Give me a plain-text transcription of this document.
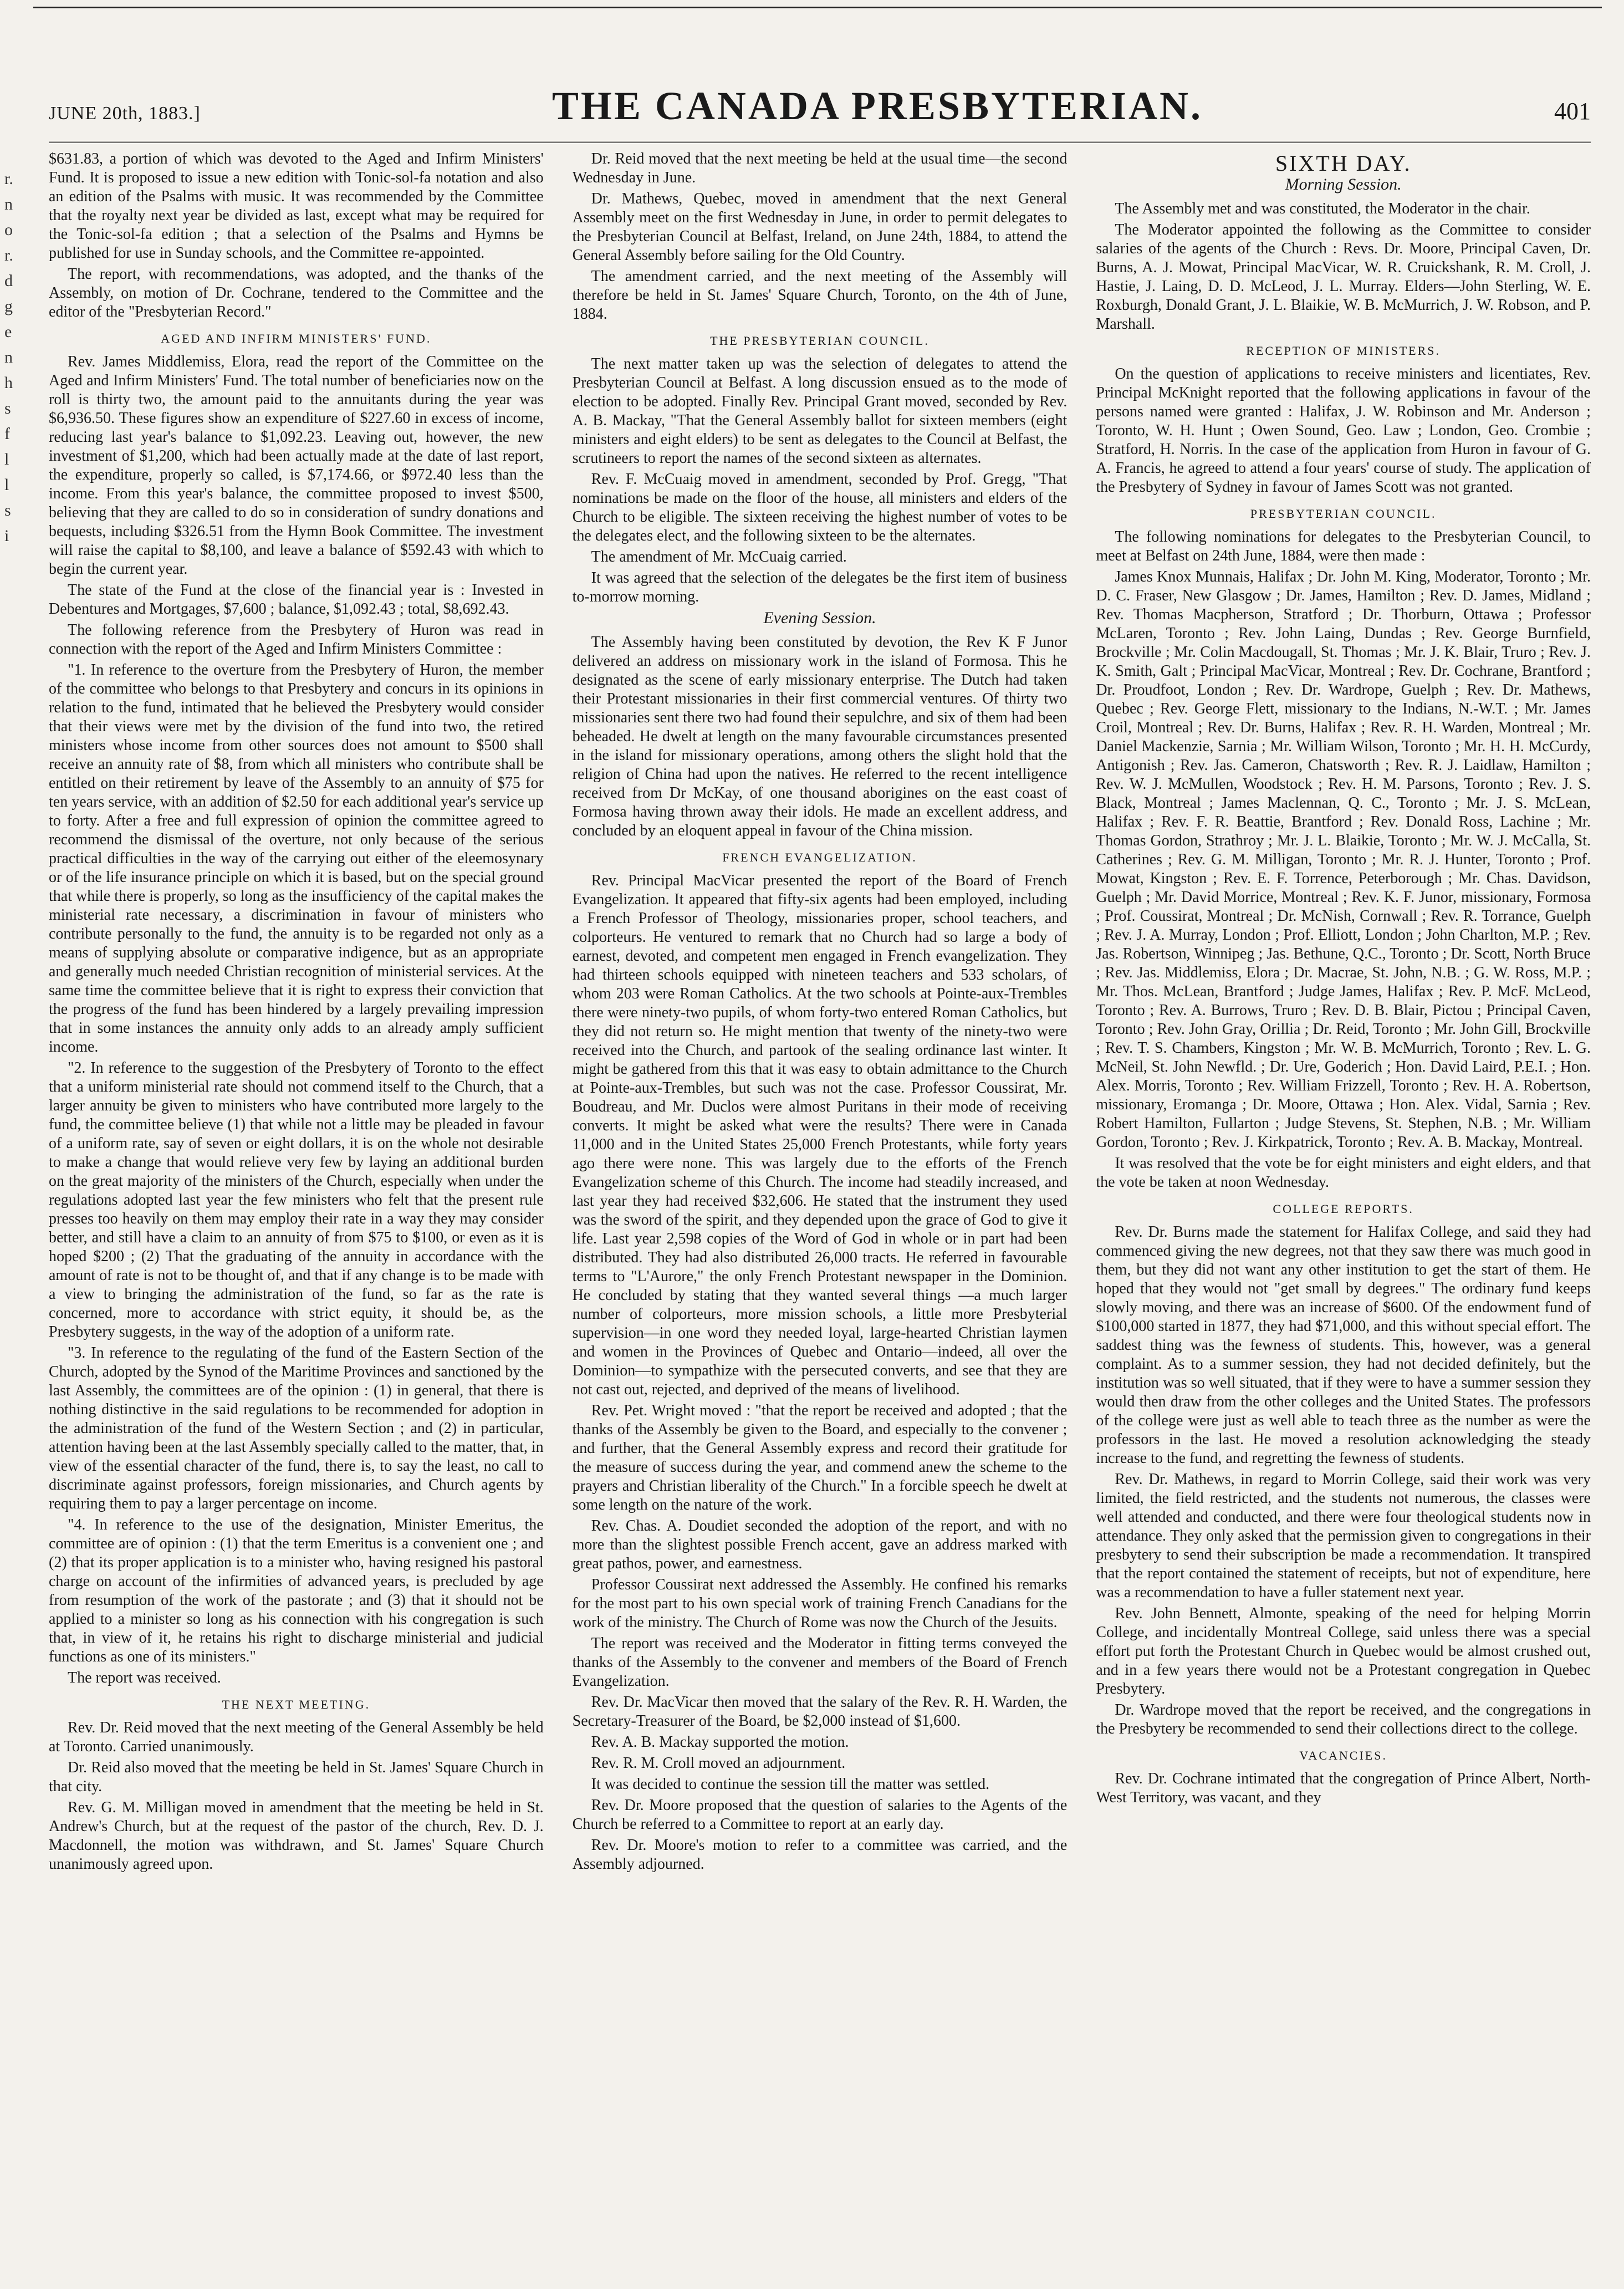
r.
n
o
r.
d
g
e
n
h
s
f
l
l
s
i
JUNE 20th, 1883.]	THE CANADA PRESBYTERIAN.	401

$631.83, a portion of which was devoted to the Aged and Infirm Ministers' Fund. It is proposed to issue a new edition with Tonic-sol-fa notation and also an edition of the Psalms with music. It was recommended by the Committee that the royalty next year be divided as last, except what may be required for the Tonic-sol-fa edition ; that a selection of the Psalms and Hymns be published for use in Sunday schools, and the Committee re-appointed.

The report, with recommendations, was adopted, and the thanks of the Assembly, on motion of Dr. Cochrane, tendered to the Committee and the editor of the "Presbyterian Record."

AGED AND INFIRM MINISTERS' FUND.

Rev. James Middlemiss, Elora, read the report of the Committee on the Aged and Infirm Ministers' Fund. The total number of beneficiaries now on the roll is thirty two, the amount paid to the annuitants during the year was $6,936.50. These figures show an expenditure of $227.60 in excess of income, reducing last year's balance to $1,092.23. Leaving out, however, the new investment of $1,200, which had been actually made at the date of last report, the expenditure, properly so called, is $7,174.66, or $972.40 less than the income. From this year's balance, the committee proposed to invest $500, believing that they are called to do so in consideration of sundry donations and bequests, including $326.51 from the Hymn Book Committee. The investment will raise the capital to $8,100, and leave a balance of $592.43 with which to begin the current year.

The state of the Fund at the close of the financial year is : Invested in Debentures and Mortgages, $7,600 ; balance, $1,092.43 ; total, $8,692.43.

The following reference from the Presbytery of Huron was read in connection with the report of the Aged and Infirm Ministers Committee :

"1. In reference to the overture from the Presbytery of Huron, the member of the committee who belongs to that Presbytery and concurs in its opinions in relation to the fund, intimated that he believed the Presbytery would consider that their views were met by the division of the fund into two, the retired ministers whose income from other sources does not amount to $500 shall receive an annuity rate of $8, from which all ministers who contribute shall be entitled on their retirement by leave of the Assembly to an annuity of $75 for ten years service, with an addition of $2.50 for each additional year's service up to forty. After a free and full expression of opinion the committee agreed to recommend the dismissal of the overture, not only because of the serious practical difficulties in the way of the carrying out either of the eleemosynary or of the life insurance principle on which it is based, but on the special ground that while there is properly, so long as the insufficiency of the capital makes the ministerial rate necessary, a discrimination in favour of ministers who contribute personally to the fund, the annuity is to be regarded not only as a means of supplying absolute or comparative indigence, but as an appropriate and generally much needed Christian recognition of ministerial services. At the same time the committee believe that it is right to express their conviction that the progress of the fund has been hindered by a largely prevailing impression that in some instances the annuity only adds to an already amply sufficient income.

"2. In reference to the suggestion of the Presbytery of Toronto to the effect that a uniform ministerial rate should not commend itself to the Church, that a larger annuity be given to ministers who have contributed more largely to the fund, the committee believe (1) that while not a little may be pleaded in favour of a uniform rate, say of seven or eight dollars, it is on the whole not desirable to make a change that would relieve very few by laying an additional burden on the great majority of the ministers of the Church, especially when under the regulations adopted last year the few ministers who felt that the present rule presses too heavily on them may employ their rate in a way they may consider better, and still have a claim to an annuity of from $75 to $100, or even as it is hoped $200 ; (2) That the graduating of the annuity in accordance with the amount of rate is not to be thought of, and that if any change is to be made with a view to bringing the administration of the fund, so far as the rate is concerned, more to accordance with strict equity, it should be, as the Presbytery suggests, in the way of the adoption of a uniform rate.

"3. In reference to the regulating of the fund of the Eastern Section of the Church, adopted by the Synod of the Maritime Provinces and sanctioned by the last Assembly, the committees are of the opinion : (1) in general, that there is nothing distinctive in the said regulations to be recommended for adoption in the administration of the fund of the Western Section ; and (2) in particular, attention having been at the last Assembly specially called to the matter, that, in view of the essential character of the fund, there is, to say the least, no call to discriminate against professors, foreign missionaries, and Church agents by requiring them to pay a larger percentage on income.

"4. In reference to the use of the designation, Minister Emeritus, the committee are of opinion : (1) that the term Emeritus is a convenient one ; and (2) that its proper application is to a minister who, having resigned his pastoral charge on account of the infirmities of advanced years, is precluded by age from resumption of the work of the pastorate ; and (3) that it should not be applied to a minister so long as his connection with his congregation is such that, in view of it, he retains his right to discharge ministerial and judicial functions as one of its ministers."

The report was received.

THE NEXT MEETING.

Rev. Dr. Reid moved that the next meeting of the General Assembly be held at Toronto. Carried unanimously.

Dr. Reid also moved that the meeting be held in St. James' Square Church in that city.

Rev. G. M. Milligan moved in amendment that the meeting be held in St. Andrew's Church, but at the request of the pastor of the church, Rev. D. J. Macdonnell, the motion was withdrawn, and St. James' Square Church unanimously agreed upon.

Dr. Reid moved that the next meeting be held at the usual time—the second Wednesday in June.

Dr. Mathews, Quebec, moved in amendment that the next General Assembly meet on the first Wednesday in June, in order to permit delegates to the Presbyterian Council at Belfast, Ireland, on June 24th, 1884, to attend the General Assembly before sailing for the Old Country.

The amendment carried, and the next meeting of the Assembly will therefore be held in St. James' Square Church, Toronto, on the 4th of June, 1884.

THE PRESBYTERIAN COUNCIL.

The next matter taken up was the selection of delegates to attend the Presbyterian Council at Belfast. A long discussion ensued as to the mode of election to be adopted. Finally Rev. Principal Grant moved, seconded by Rev. A. B. Mackay, "That the General Assembly ballot for sixteen members (eight ministers and eight elders) to be sent as delegates to the Council at Belfast, the scrutineers to report the names of the second sixteen as alternates.

Rev. F. McCuaig moved in amendment, seconded by Prof. Gregg, "That nominations be made on the floor of the house, all ministers and elders of the Church to be eligible. The sixteen receiving the highest number of votes to be the delegates elect, and the following sixteen to be the alternates.

The amendment of Mr. McCuaig carried.

It was agreed that the selection of the delegates be the first item of business to-morrow morning.

Evening Session.

The Assembly having been constituted by devotion, the Rev K F Junor delivered an address on missionary work in the island of Formosa. This he designated as the scene of early missionary enterprise. The Dutch had taken their Protestant missionaries in their first commercial ventures. Of thirty two missionaries sent there two had found their sepulchre, and six of them had been beheaded. He dwelt at length on the many favourable circumstances presented in the island for missionary operations, among others the slight hold that the religion of China had upon the natives. He referred to the recent intelligence received from Dr McKay, of one thousand aborigines on the east coast of Formosa having thrown away their idols. He made an excellent address, and concluded by an eloquent appeal in favour of the China mission.

FRENCH EVANGELIZATION.

Rev. Principal MacVicar presented the report of the Board of French Evangelization. It appeared that fifty-six agents had been employed, including a French Professor of Theology, missionaries proper, school teachers, and colporteurs. He ventured to remark that no Church had so large a body of earnest, devoted, and competent men engaged in French evangelization. They had thirteen schools equipped with nineteen teachers and 533 scholars, of whom 203 were Roman Catholics. At the two schools at Pointe-aux-Trembles there were ninety-two pupils, of whom forty-two entered Roman Catholics, but they did not return so. He might mention that twenty of the ninety-two were received into the Church, and partook of the sealing ordinance last winter. It might be gathered from this that it was easy to obtain admittance to the Church at Pointe-aux-Trembles, but such was not the case. Professor Coussirat, Mr. Boudreau, and Mr. Duclos were almost Puritans in their mode of receiving converts. It might be asked what were the results? There were in Canada 11,000 and in the United States 25,000 French Protestants, while forty years ago there were none. This was largely due to the efforts of the French Evangelization scheme of this Church. The income had steadily increased, and last year they had received $32,606. He stated that the instrument they used was the sword of the spirit, and they depended upon the grace of God to give it life. Last year 2,598 copies of the Word of God in whole or in part had been distributed. They had also distributed 26,000 tracts. He referred in favourable terms to "L'Aurore," the only French Protestant newspaper in the Dominion. He concluded by stating that they wanted several things —a much larger number of colporteurs, more mission schools, a little more Presbyterial supervision—in one word they needed loyal, large-hearted Christian laymen and women in the Provinces of Quebec and Ontario—indeed, all over the Dominion—to sympathize with the persecuted converts, and see that they are not cast out, rejected, and deprived of the means of livelihood.

Rev. Pet. Wright moved : "that the report be received and adopted ; that the thanks of the Assembly be given to the Board, and especially to the convener ; and further, that the General Assembly express and record their gratitude for the measure of success during the year, and commend anew the scheme to the prayers and Christian liberality of the Church." In a forcible speech he dwelt at some length on the nature of the work.

Rev. Chas. A. Doudiet seconded the adoption of the report, and with no more than the slightest possible French accent, gave an address marked with great pathos, power, and earnestness.

Professor Coussirat next addressed the Assembly. He confined his remarks for the most part to his own special work of training French Canadians for the work of the ministry. The Church of Rome was now the Church of the Jesuits.

The report was received and the Moderator in fitting terms conveyed the thanks of the Assembly to the convener and members of the Board of French Evangelization.

Rev. Dr. MacVicar then moved that the salary of the Rev. R. H. Warden, the Secretary-Treasurer of the Board, be $2,000 instead of $1,600.

Rev. A. B. Mackay supported the motion.

Rev. R. M. Croll moved an adjournment.

It was decided to continue the session till the matter was settled.

Rev. Dr. Moore proposed that the question of salaries to the Agents of the Church be referred to a Committee to report at an early day.

Rev. Dr. Moore's motion to refer to a committee was carried, and the Assembly adjourned.

SIXTH DAY.
Morning Session.

The Assembly met and was constituted, the Moderator in the chair.

The Moderator appointed the following as the Committee to consider salaries of the agents of the Church : Revs. Dr. Moore, Principal Caven, Dr. Burns, A. J. Mowat, Principal MacVicar, W. R. Cruickshank, R. M. Croll, J. Hastie, J. Laing, D. D. McLeod, J. L. Murray. Elders—John Sterling, W. E. Roxburgh, Donald Grant, J. L. Blaikie, W. B. McMurrich, J. W. Robson, and P. Marshall.

RECEPTION OF MINISTERS.

On the question of applications to receive ministers and licentiates, Rev. Principal McKnight reported that the following applications in favour of the persons named were granted : Halifax, J. W. Robinson and Mr. Anderson ; Toronto, W. H. Hunt ; Owen Sound, Geo. Law ; London, Geo. Crombie ; Stratford, H. Norris. In the case of the application from Huron in favour of G. A. Francis, he agreed to attend a four years' course of study. The application of the Presbytery of Sydney in favour of James Scott was not granted.

PRESBYTERIAN COUNCIL.

The following nominations for delegates to the Presbyterian Council, to meet at Belfast on 24th June, 1884, were then made :

James Knox Munnais, Halifax ; Dr. John M. King, Moderator, Toronto ; Mr. D. C. Fraser, New Glasgow ; Dr. James, Hamilton ; Rev. D. James, Midland ; Rev. Thomas Macpherson, Stratford ; Dr. Thorburn, Ottawa ; Professor McLaren, Toronto ; Rev. John Laing, Dundas ; Rev. George Burnfield, Brockville ; Mr. Colin Macdougall, St. Thomas ; Mr. J. K. Blair, Truro ; Rev. J. K. Smith, Galt ; Principal MacVicar, Montreal ; Rev. Dr. Cochrane, Brantford ; Dr. Proudfoot, London ; Rev. Dr. Wardrope, Guelph ; Rev. Dr. Mathews, Quebec ; Rev. George Flett, missionary to the Indians, N.-W.T. ; Mr. James Croil, Montreal ; Rev. Dr. Burns, Halifax ; Rev. R. H. Warden, Montreal ; Mr. Daniel Mackenzie, Sarnia ; Mr. William Wilson, Toronto ; Mr. H. H. McCurdy, Antigonish ; Rev. Jas. Cameron, Chatsworth ; Rev. R. J. Laidlaw, Hamilton ; Rev. W. J. McMullen, Woodstock ; Rev. H. M. Parsons, Toronto ; Rev. J. S. Black, Montreal ; James Maclennan, Q. C., Toronto ; Mr. J. S. McLean, Halifax ; Rev. F. R. Beattie, Brantford ; Rev. Donald Ross, Lachine ; Mr. Thomas Gordon, Strathroy ; Mr. J. L. Blaikie, Toronto ; Mr. W. J. McCalla, St. Catherines ; Rev. G. M. Milligan, Toronto ; Mr. R. J. Hunter, Toronto ; Prof. Mowat, Kingston ; Rev. E. F. Torrence, Peterborough ; Mr. Chas. Davidson, Guelph ; Mr. David Morrice, Montreal ; Rev. K. F. Junor, missionary, Formosa ; Prof. Coussirat, Montreal ; Dr. McNish, Cornwall ; Rev. R. Torrance, Guelph ; Rev. J. A. Murray, London ; Prof. Elliott, London ; John Charlton, M.P. ; Rev. Jas. Robertson, Winnipeg ; Jas. Bethune, Q.C., Toronto ; Dr. Scott, North Bruce ; Rev. Jas. Middlemiss, Elora ; Dr. Macrae, St. John, N.B. ; G. W. Ross, M.P. ; Mr. Thos. McLean, Brantford ; Judge James, Halifax ; Rev. P. McF. McLeod, Toronto ; Rev. A. Burrows, Truro ; Rev. D. B. Blair, Pictou ; Principal Caven, Toronto ; Rev. John Gray, Orillia ; Dr. Reid, Toronto ; Mr. John Gill, Brockville ; Rev. T. S. Chambers, Kingston ; Mr. W. B. McMurrich, Toronto ; Rev. L. G. McNeil, St. John Newfld. ; Dr. Ure, Goderich ; Hon. David Laird, P.E.I. ; Hon. Alex. Morris, Toronto ; Rev. William Frizzell, Toronto ; Rev. H. A. Robertson, missionary, Eromanga ; Dr. Moore, Ottawa ; Hon. Alex. Vidal, Sarnia ; Rev. Robert Hamilton, Fullarton ; Judge Stevens, St. Stephen, N.B. ; Mr. William Gordon, Toronto ; Rev. J. Kirkpatrick, Toronto ; Rev. A. B. Mackay, Montreal.

It was resolved that the vote be for eight ministers and eight elders, and that the vote be taken at noon Wednesday.

COLLEGE REPORTS.

Rev. Dr. Burns made the statement for Halifax College, and said they had commenced giving the new degrees, not that they saw there was much good in them, but they did not want any other institution to get the start of them. He hoped that they would not "get small by degrees." The ordinary fund keeps slowly moving, and there was an increase of $600. Of the endowment fund of $100,000 started in 1877, they had $71,000, and this without special effort. The saddest thing was the fewness of students. This, however, was a general complaint. As to a summer session, they had not decided definitely, but the institution was so well situated, that if they were to have a summer session they would then draw from the other colleges and the United States. The professors of the college were just as well able to teach three as the number as were the professors in the last. He moved a resolution acknowledging the steady increase to the fund, and regretting the fewness of students.

Rev. Dr. Mathews, in regard to Morrin College, said their work was very limited, the field restricted, and the students not numerous, the classes were well attended and conducted, and there were four theological students now in attendance. They only asked that the permission given to congregations in their presbytery to send their subscription be made a recommendation. It transpired that the report contained the statement of receipts, but not of expenditure, here was a recommendation to have a fuller statement next year.

Rev. John Bennett, Almonte, speaking of the need for helping Morrin College, and incidentally Montreal College, said unless there was a special effort put forth the Protestant Church in Quebec would be almost crushed out, and in a few years there would not be a Protestant congregation in Quebec Presbytery.

Dr. Wardrope moved that the report be received, and the congregations in the Presbytery be recommended to send their collections direct to the college.

VACANCIES.

Rev. Dr. Cochrane intimated that the congregation of Prince Albert, North-West Territory, was vacant, and they
